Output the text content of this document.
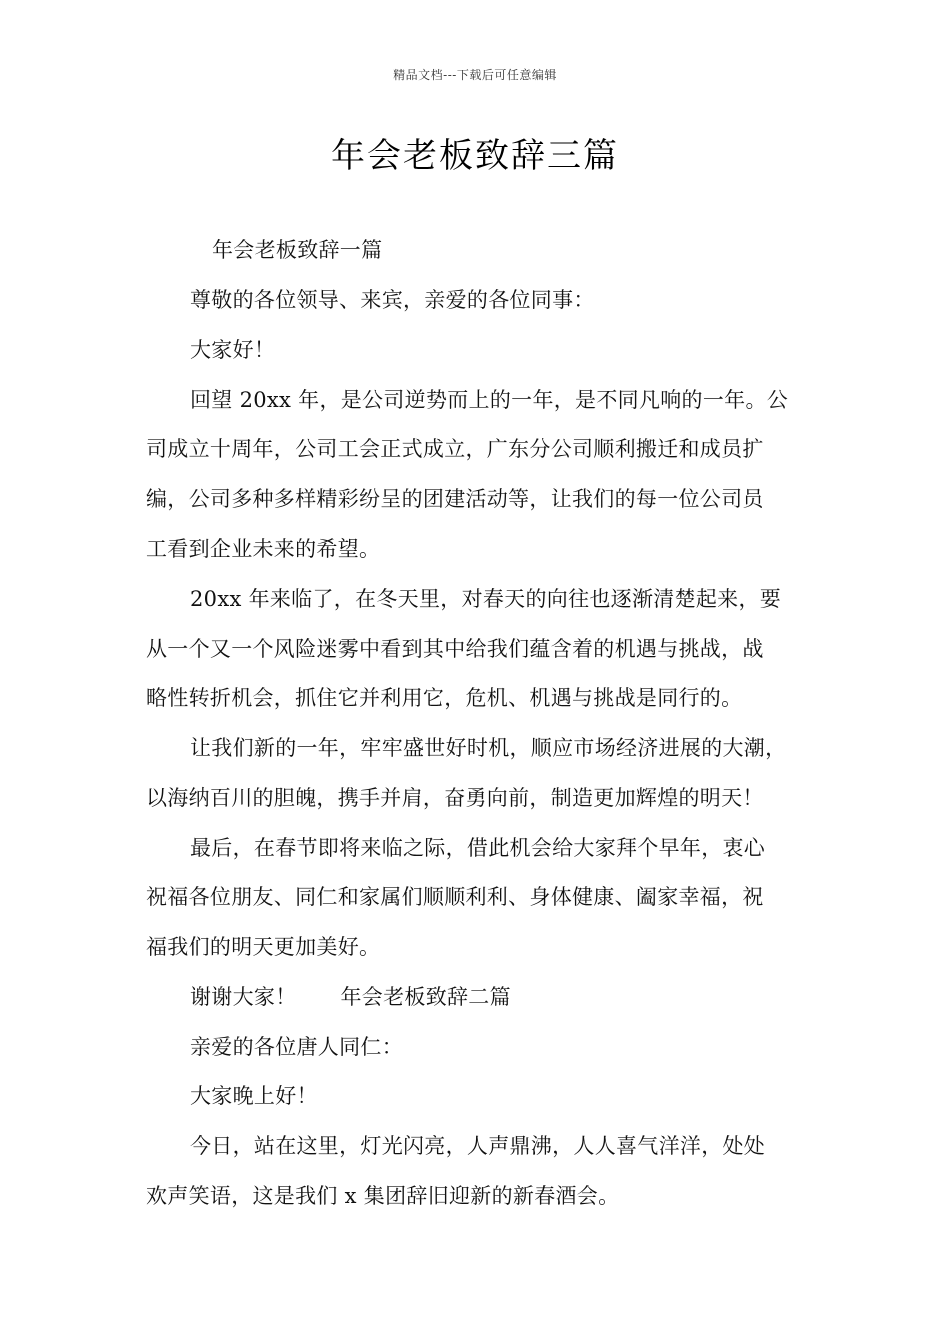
精品文档---下载后可任意编辑
年会老板致辞三篇
年会老板致辞一篇
尊敬的各位领导、来宾，亲爱的各位同事：
大家好！
回望 20xx 年，是公司逆势而上的一年，是不同凡响的一年。公
司成立十周年，公司工会正式成立，广东分公司顺利搬迁和成员扩
编，公司多种多样精彩纷呈的团建活动等，让我们的每一位公司员
工看到企业未来的希望。
20xx 年来临了，在冬天里，对春天的向往也逐渐清楚起来，要
从一个又一个风险迷雾中看到其中给我们蕴含着的机遇与挑战，战
略性转折机会，抓住它并利用它，危机、机遇与挑战是同行的。
让我们新的一年，牢牢盛世好时机，顺应市场经济进展的大潮，
以海纳百川的胆魄，携手并肩，奋勇向前，制造更加辉煌的明天！
最后，在春节即将来临之际，借此机会给大家拜个早年，衷心
祝福各位朋友、同仁和家属们顺顺利利、身体健康、阖家幸福，祝
福我们的明天更加美好。
谢谢大家！ 年会老板致辞二篇
亲爱的各位唐人同仁：
大家晚上好！
今日，站在这里，灯光闪亮，人声鼎沸，人人喜气洋洋，处处
欢声笑语，这是我们 x 集团辞旧迎新的新春酒会。
